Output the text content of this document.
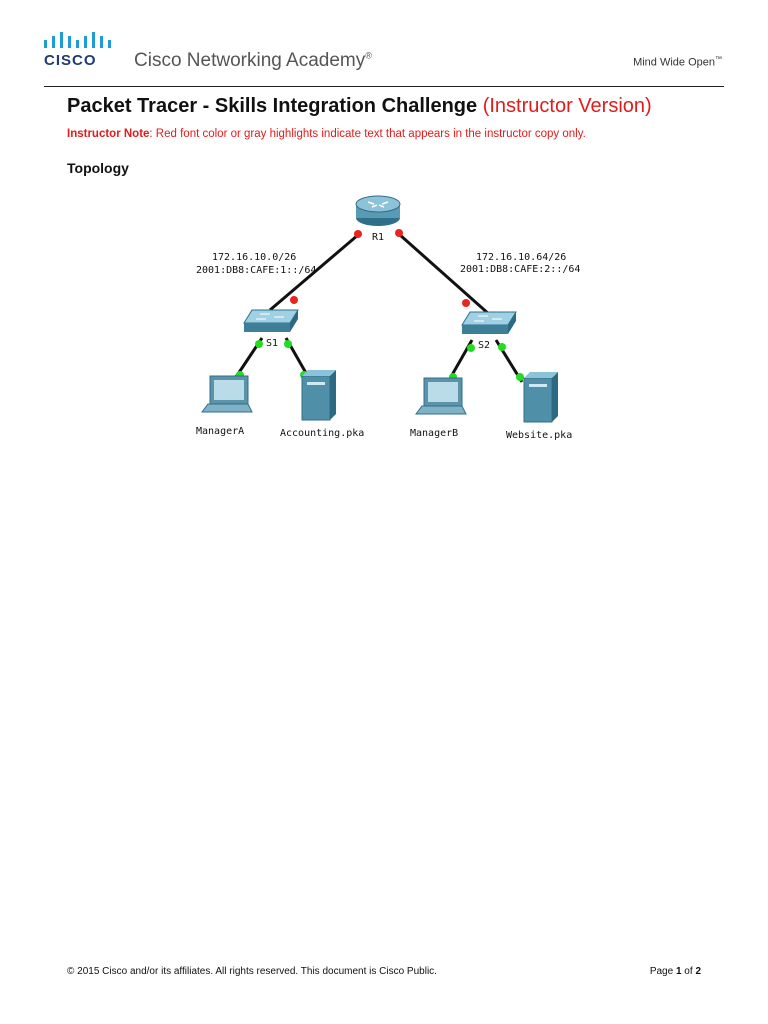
CISCO Cisco Networking Academy®
Mind Wide Open™
Packet Tracer - Skills Integration Challenge (Instructor Version)
Instructor Note: Red font color or gray highlights indicate text that appears in the instructor copy only.
Topology
R1
S1	S2
172.16.10.0/26
2001:DB8:CAFE:1::/64
172.16.10.64/26
2001:DB8:CAFE:2::/64
ManagerA	Accounting.pka	ManagerB	Website.pka
© 2015 Cisco and/or its affiliates. All rights reserved. This document is Cisco Public.	Page 1 of 2
